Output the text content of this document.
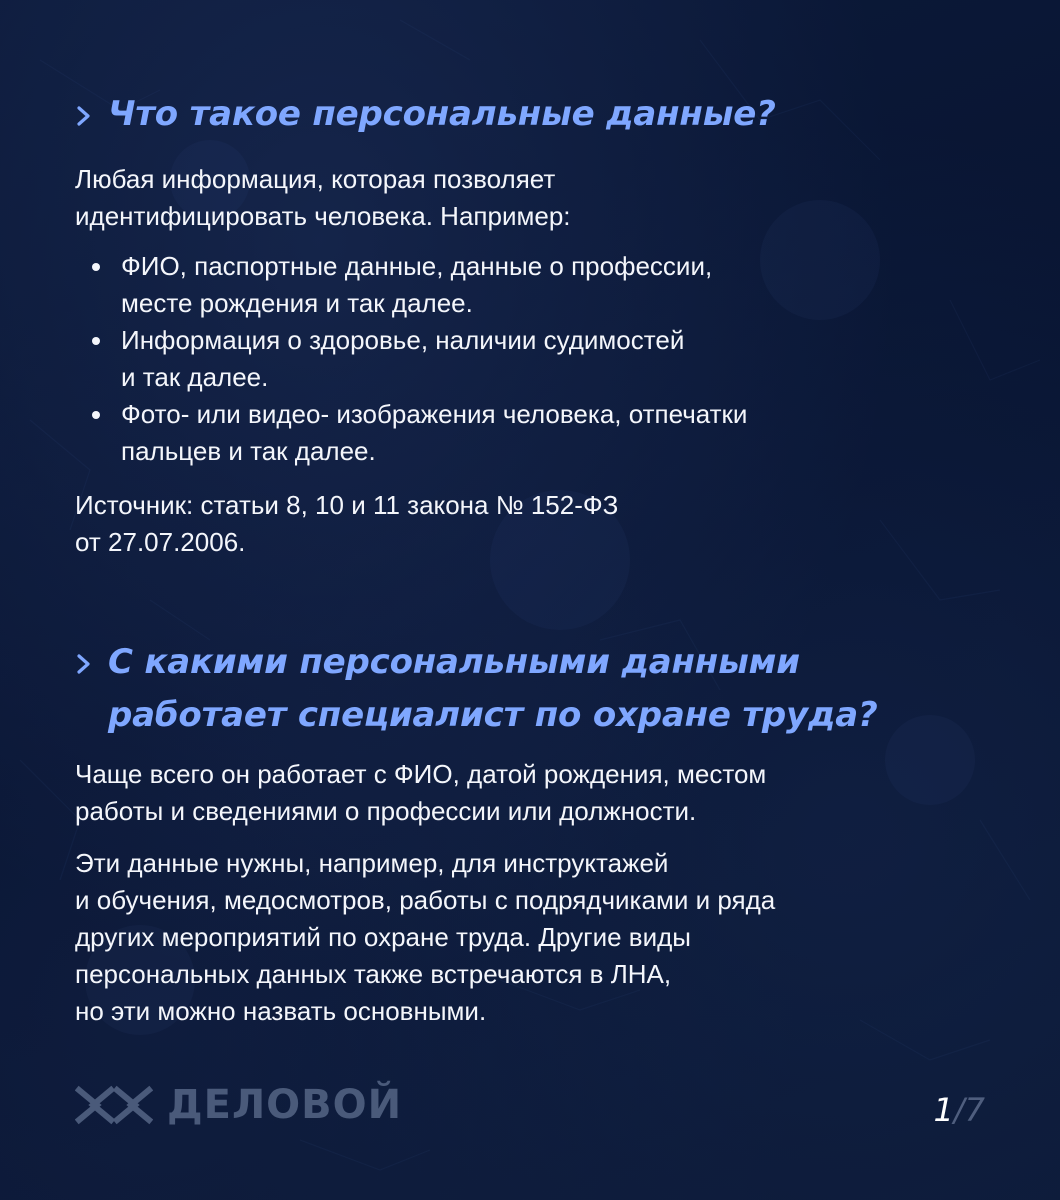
Что такое персональные данные?

Любая информация, которая позволяет
идентифицировать человека. Например:

ФИО, паспортные данные, данные о профессии,
месте рождения и так далее.
Информация о здоровье, наличии судимостей
и так далее.
Фото- или видео- изображения человека, отпечатки
пальцев и так далее.

Источник: статьи 8, 10 и 11 закона № 152-ФЗ
от 27.07.2006.

С какими персональными данными
работает специалист по охране труда?

Чаще всего он работает с ФИО, датой рождения, местом
работы и сведениями о профессии или должности.

Эти данные нужны, например, для инструктажей
и обучения, медосмотров, работы с подрядчиками и ряда
других мероприятий по охране труда. Другие виды
персональных данных также встречаются в ЛНА,
но эти можно назвать основными.

ДЕЛОВОЙ	1/7
